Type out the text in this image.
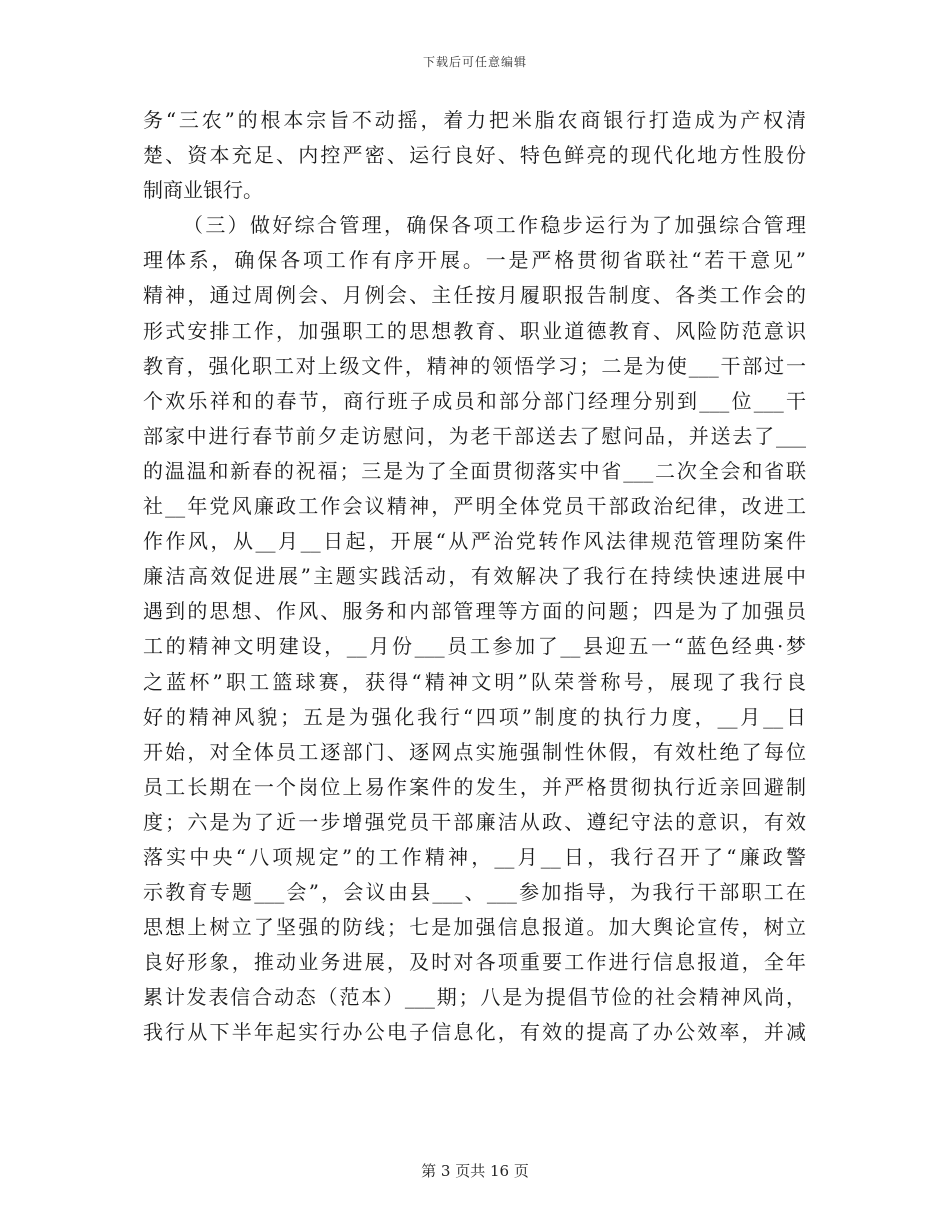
下载后可任意编辑
务“三农”的根本宗旨不动摇，着力把米脂农商银行打造成为产权清
楚、资本充足、内控严密、运行良好、特色鲜亮的现代化地方性股份
制商业银行。
（三）做好综合管理，确保各项工作稳步运行为了加强综合管理
理体系，确保各项工作有序开展。一是严格贯彻省联社“若干意见”
精神，通过周例会、月例会、主任按月履职报告制度、各类工作会的
形式安排工作，加强职工的思想教育、职业道德教育、风险防范意识
教育，强化职工对上级文件，精神的领悟学习；二是为使___干部过一
个欢乐祥和的春节，商行班子成员和部分部门经理分别到___位___干
部家中进行春节前夕走访慰问，为老干部送去了慰问品，并送去了___
的温温和新春的祝福；三是为了全面贯彻落实中省___二次全会和省联
社__年党风廉政工作会议精神，严明全体党员干部政治纪律，改进工
作作风，从__月__日起，开展“从严治党转作风法律规范管理防案件
廉洁高效促进展”主题实践活动，有效解决了我行在持续快速进展中
遇到的思想、作风、服务和内部管理等方面的问题；四是为了加强员
工的精神文明建设，__月份___员工参加了__县迎五一“蓝色经典·梦
之蓝杯”职工篮球赛，获得“精神文明”队荣誉称号，展现了我行良
好的精神风貌；五是为强化我行“四项”制度的执行力度，__月__日
开始，对全体员工逐部门、逐网点实施强制性休假，有效杜绝了每位
员工长期在一个岗位上易作案件的发生，并严格贯彻执行近亲回避制
度；六是为了近一步增强党员干部廉洁从政、遵纪守法的意识，有效
落实中央“八项规定”的工作精神，__月__日，我行召开了“廉政警
示教育专题___会”，会议由县___、___参加指导，为我行干部职工在
思想上树立了坚强的防线；七是加强信息报道。加大舆论宣传，树立
良好形象，推动业务进展，及时对各项重要工作进行信息报道，全年
累计发表信合动态（范本）___期；八是为提倡节俭的社会精神风尚，
我行从下半年起实行办公电子信息化，有效的提高了办公效率，并减
第 3 页共 16 页
